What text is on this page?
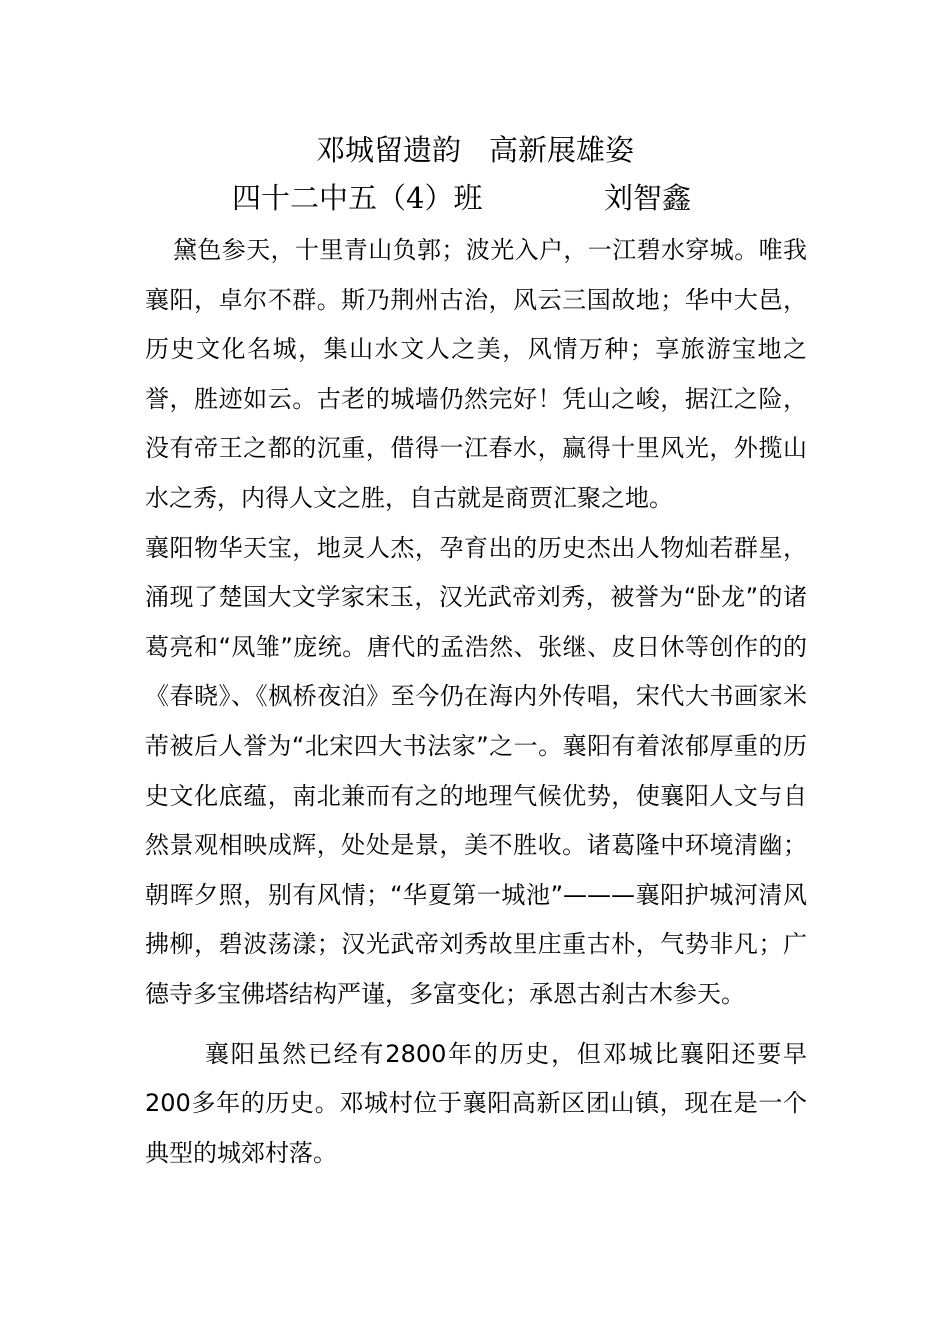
邓城留遗韵 高新展雄姿
四十二中五（4）班	刘智鑫

黛色参天，十里青山负郭；波光入户，一江碧水穿城。唯我襄阳，卓尔不群。斯乃荆州古治，风云三国故地；华中大邑，历史文化名城，集山水文人之美，风情万种；享旅游宝地之誉，胜迹如云。古老的城墙仍然完好！凭山之峻，据江之险，没有帝王之都的沉重，借得一江春水，赢得十里风光，外揽山水之秀，内得人文之胜，自古就是商贾汇聚之地。

襄阳物华天宝，地灵人杰，孕育出的历史杰出人物灿若群星，涌现了楚国大文学家宋玉，汉光武帝刘秀，被誉为“卧龙”的诸葛亮和“凤雏”庞统。唐代的孟浩然、张继、皮日休等创作的的《春晓》、《枫桥夜泊》至今仍在海内外传唱，宋代大书画家米芾被后人誉为“北宋四大书法家”之一。襄阳有着浓郁厚重的历史文化底蕴，南北兼而有之的地理气候优势，使襄阳人文与自然景观相映成辉，处处是景，美不胜收。诸葛隆中环境清幽；朝晖夕照，别有风情；“华夏第一城池”———襄阳护城河清风拂柳，碧波荡漾；汉光武帝刘秀故里庄重古朴，气势非凡；广德寺多宝佛塔结构严谨，多富变化；承恩古刹古木参天。

襄阳虽然已经有2800年的历史，但邓城比襄阳还要早200多年的历史。邓城村位于襄阳高新区团山镇，现在是一个典型的城郊村落。
